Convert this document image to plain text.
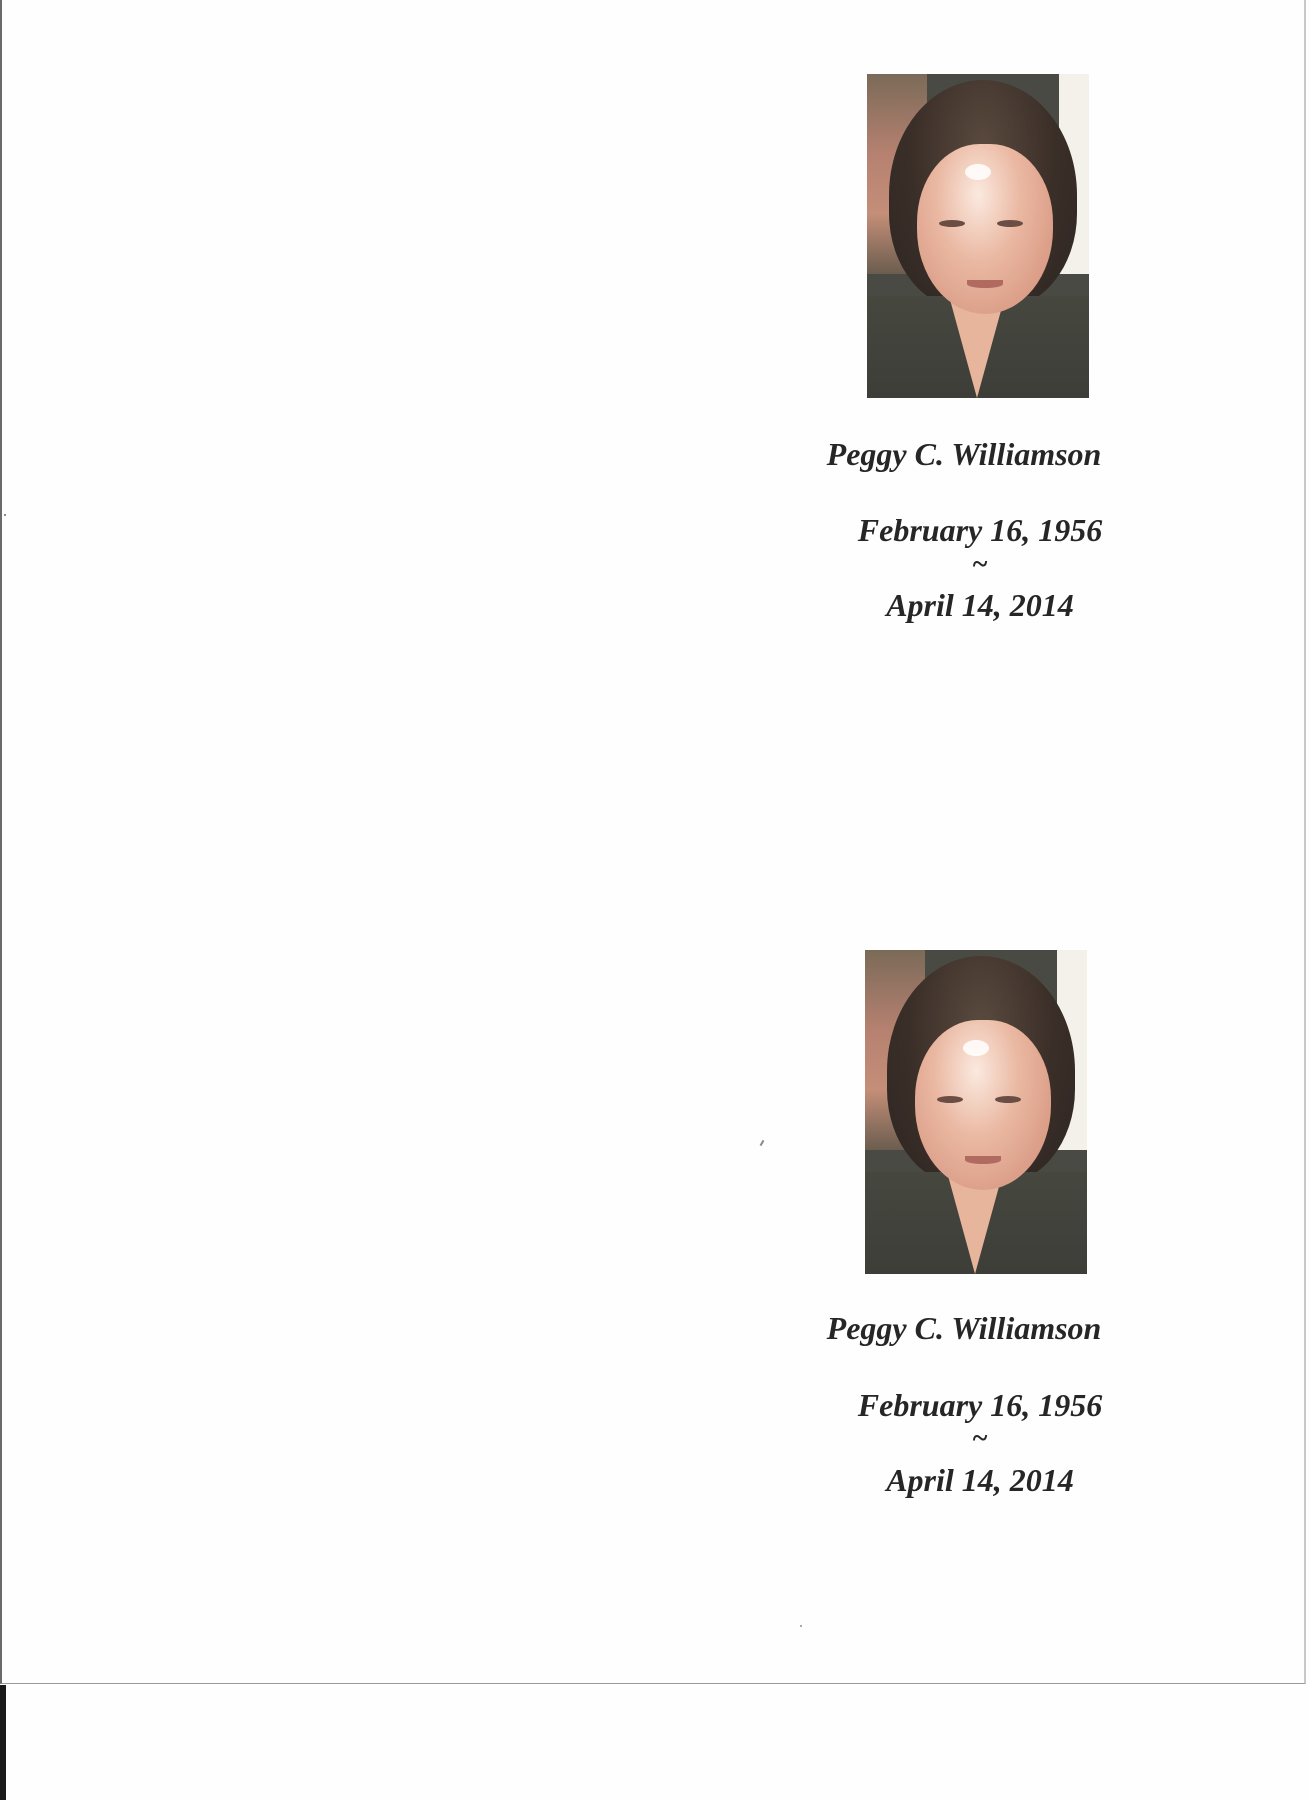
Peggy C. Williamson
February 16, 1956
~
April 14, 2014
Peggy C. Williamson
February 16, 1956
~
April 14, 2014
